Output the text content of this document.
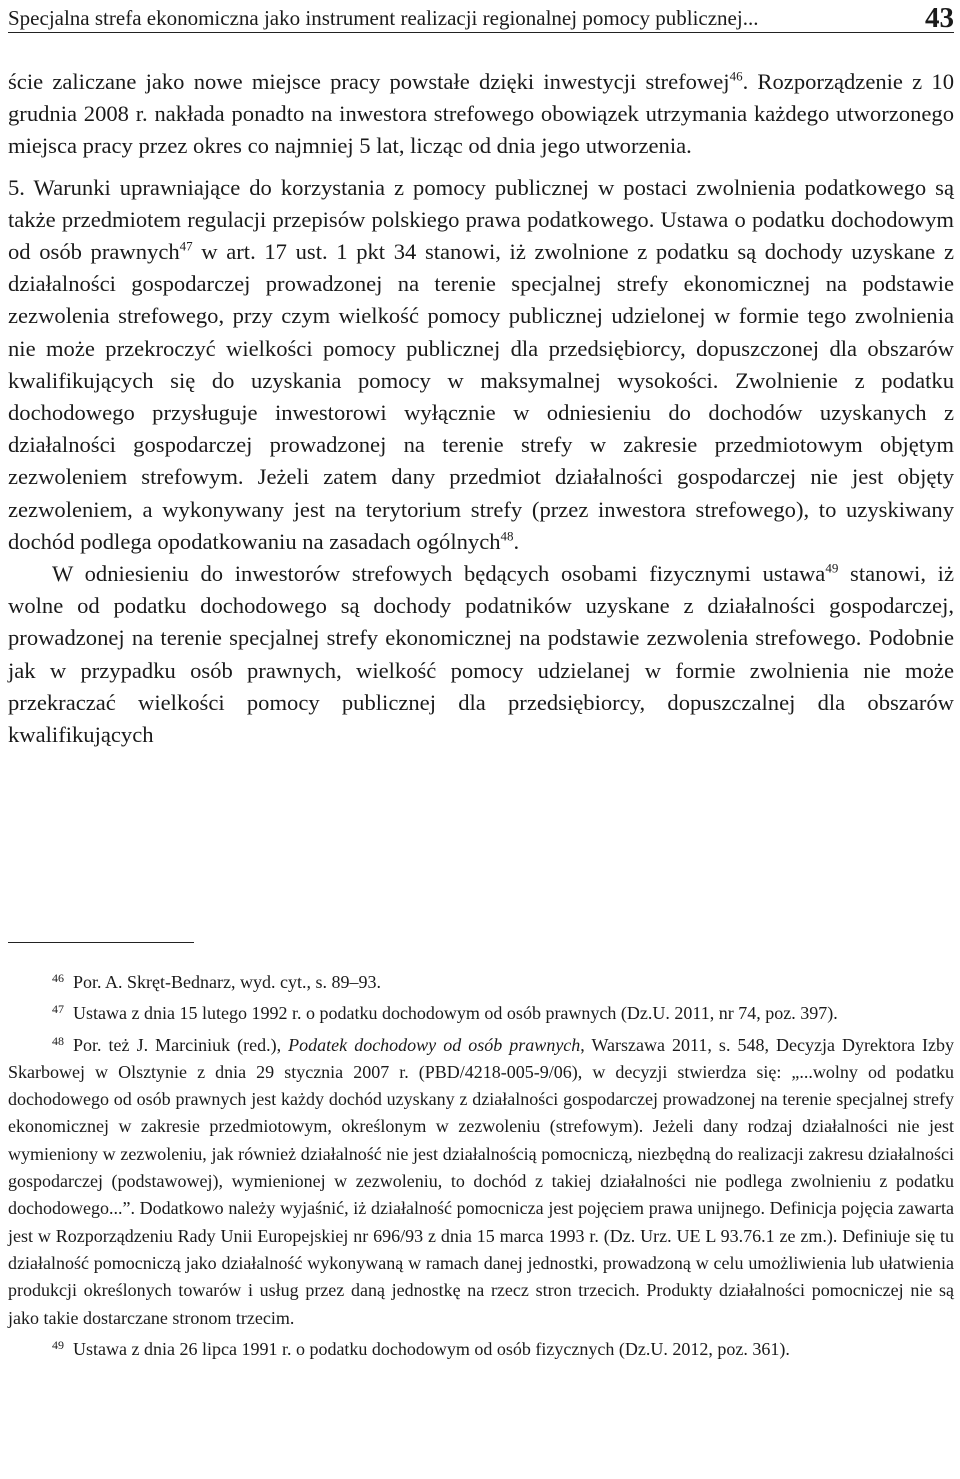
Specjalna strefa ekonomiczna jako instrument realizacji regionalnej pomocy publicznej...	43

ście zaliczane jako nowe miejsce pracy powstałe dzięki inwestycji strefowej$^{46}$. Rozporządzenie z 10 grudnia 2008 r. nakłada ponadto na inwestora strefowego obowiązek utrzymania każdego utworzonego miejsca pracy przez okres co najmniej 5 lat, licząc od dnia jego utworzenia.

5. Warunki uprawniające do korzystania z pomocy publicznej w postaci zwolnienia podatkowego są także przedmiotem regulacji przepisów polskiego prawa podatkowego. Ustawa o podatku dochodowym od osób prawnych$^{47}$ w art. 17 ust. 1 pkt 34 stanowi, iż zwolnione z podatku są dochody uzyskane z działalności gospodarczej prowadzonej na terenie specjalnej strefy ekonomicznej na podstawie zezwolenia strefowego, przy czym wielkość pomocy publicznej udzielonej w formie tego zwolnienia nie może przekroczyć wielkości pomocy publicznej dla przedsiębiorcy, dopuszczonej dla obszarów kwalifikujących się do uzyskania pomocy w maksymalnej wysokości. Zwolnienie z podatku dochodowego przysługuje inwestorowi wyłącznie w odniesieniu do dochodów uzyskanych z działalności gospodarczej prowadzonej na terenie strefy w zakresie przedmiotowym objętym zezwoleniem strefowym. Jeżeli zatem dany przedmiot działalności gospodarczej nie jest objęty zezwoleniem, a wykonywany jest na terytorium strefy (przez inwestora strefowego), to uzyskiwany dochód podlega opodatkowaniu na zasadach ogólnych$^{48}$.

W odniesieniu do inwestorów strefowych będących osobami fizycznymi ustawa$^{49}$ stanowi, iż wolne od podatku dochodowego są dochody podatników uzyskane z działalności gospodarczej, prowadzonej na terenie specjalnej strefy ekonomicznej na podstawie zezwolenia strefowego. Podobnie jak w przypadku osób prawnych, wielkość pomocy udzielanej w formie zwolnienia nie może przekraczać wielkości pomocy publicznej dla przedsiębiorcy, dopuszczalnej dla obszarów kwalifikujących

$^{46}$ Por. A. Skręt-Bednarz, wyd. cyt., s. 89–93.

$^{47}$ Ustawa z dnia 15 lutego 1992 r. o podatku dochodowym od osób prawnych (Dz.U. 2011, nr 74, poz. 397).

$^{48}$ Por. też J. Marciniuk (red.), Podatek dochodowy od osób prawnych, Warszawa 2011, s. 548, Decyzja Dyrektora Izby Skarbowej w Olsztynie z dnia 29 stycznia 2007 r. (PBD/4218-005-9/06), w decyzji stwierdza się: „...wolny od podatku dochodowego od osób prawnych jest każdy dochód uzyskany z działalności gospodarczej prowadzonej na terenie specjalnej strefy ekonomicznej w zakresie przedmiotowym, określonym w zezwoleniu (strefowym). Jeżeli dany rodzaj działalności nie jest wymieniony w zezwoleniu, jak również działalność nie jest działalnością pomocniczą, niezbędną do realizacji zakresu działalności gospodarczej (podstawowej), wymienionej w zezwoleniu, to dochód z takiej działalności nie podlega zwolnieniu z podatku dochodowego...”. Dodatkowo należy wyjaśnić, iż działalność pomocnicza jest pojęciem prawa unijnego. Definicja pojęcia zawarta jest w Rozporządzeniu Rady Unii Europejskiej nr 696/93 z dnia 15 marca 1993 r. (Dz. Urz. UE L 93.76.1 ze zm.). Definiuje się tu działalność pomocniczą jako działalność wykonywaną w ramach danej jednostki, prowadzoną w celu umożliwienia lub ułatwienia produkcji określonych towarów i usług przez daną jednostkę na rzecz stron trzecich. Produkty działalności pomocniczej nie są jako takie dostarczane stronom trzecim.

$^{49}$ Ustawa z dnia 26 lipca 1991 r. o podatku dochodowym od osób fizycznych (Dz.U. 2012, poz. 361).
